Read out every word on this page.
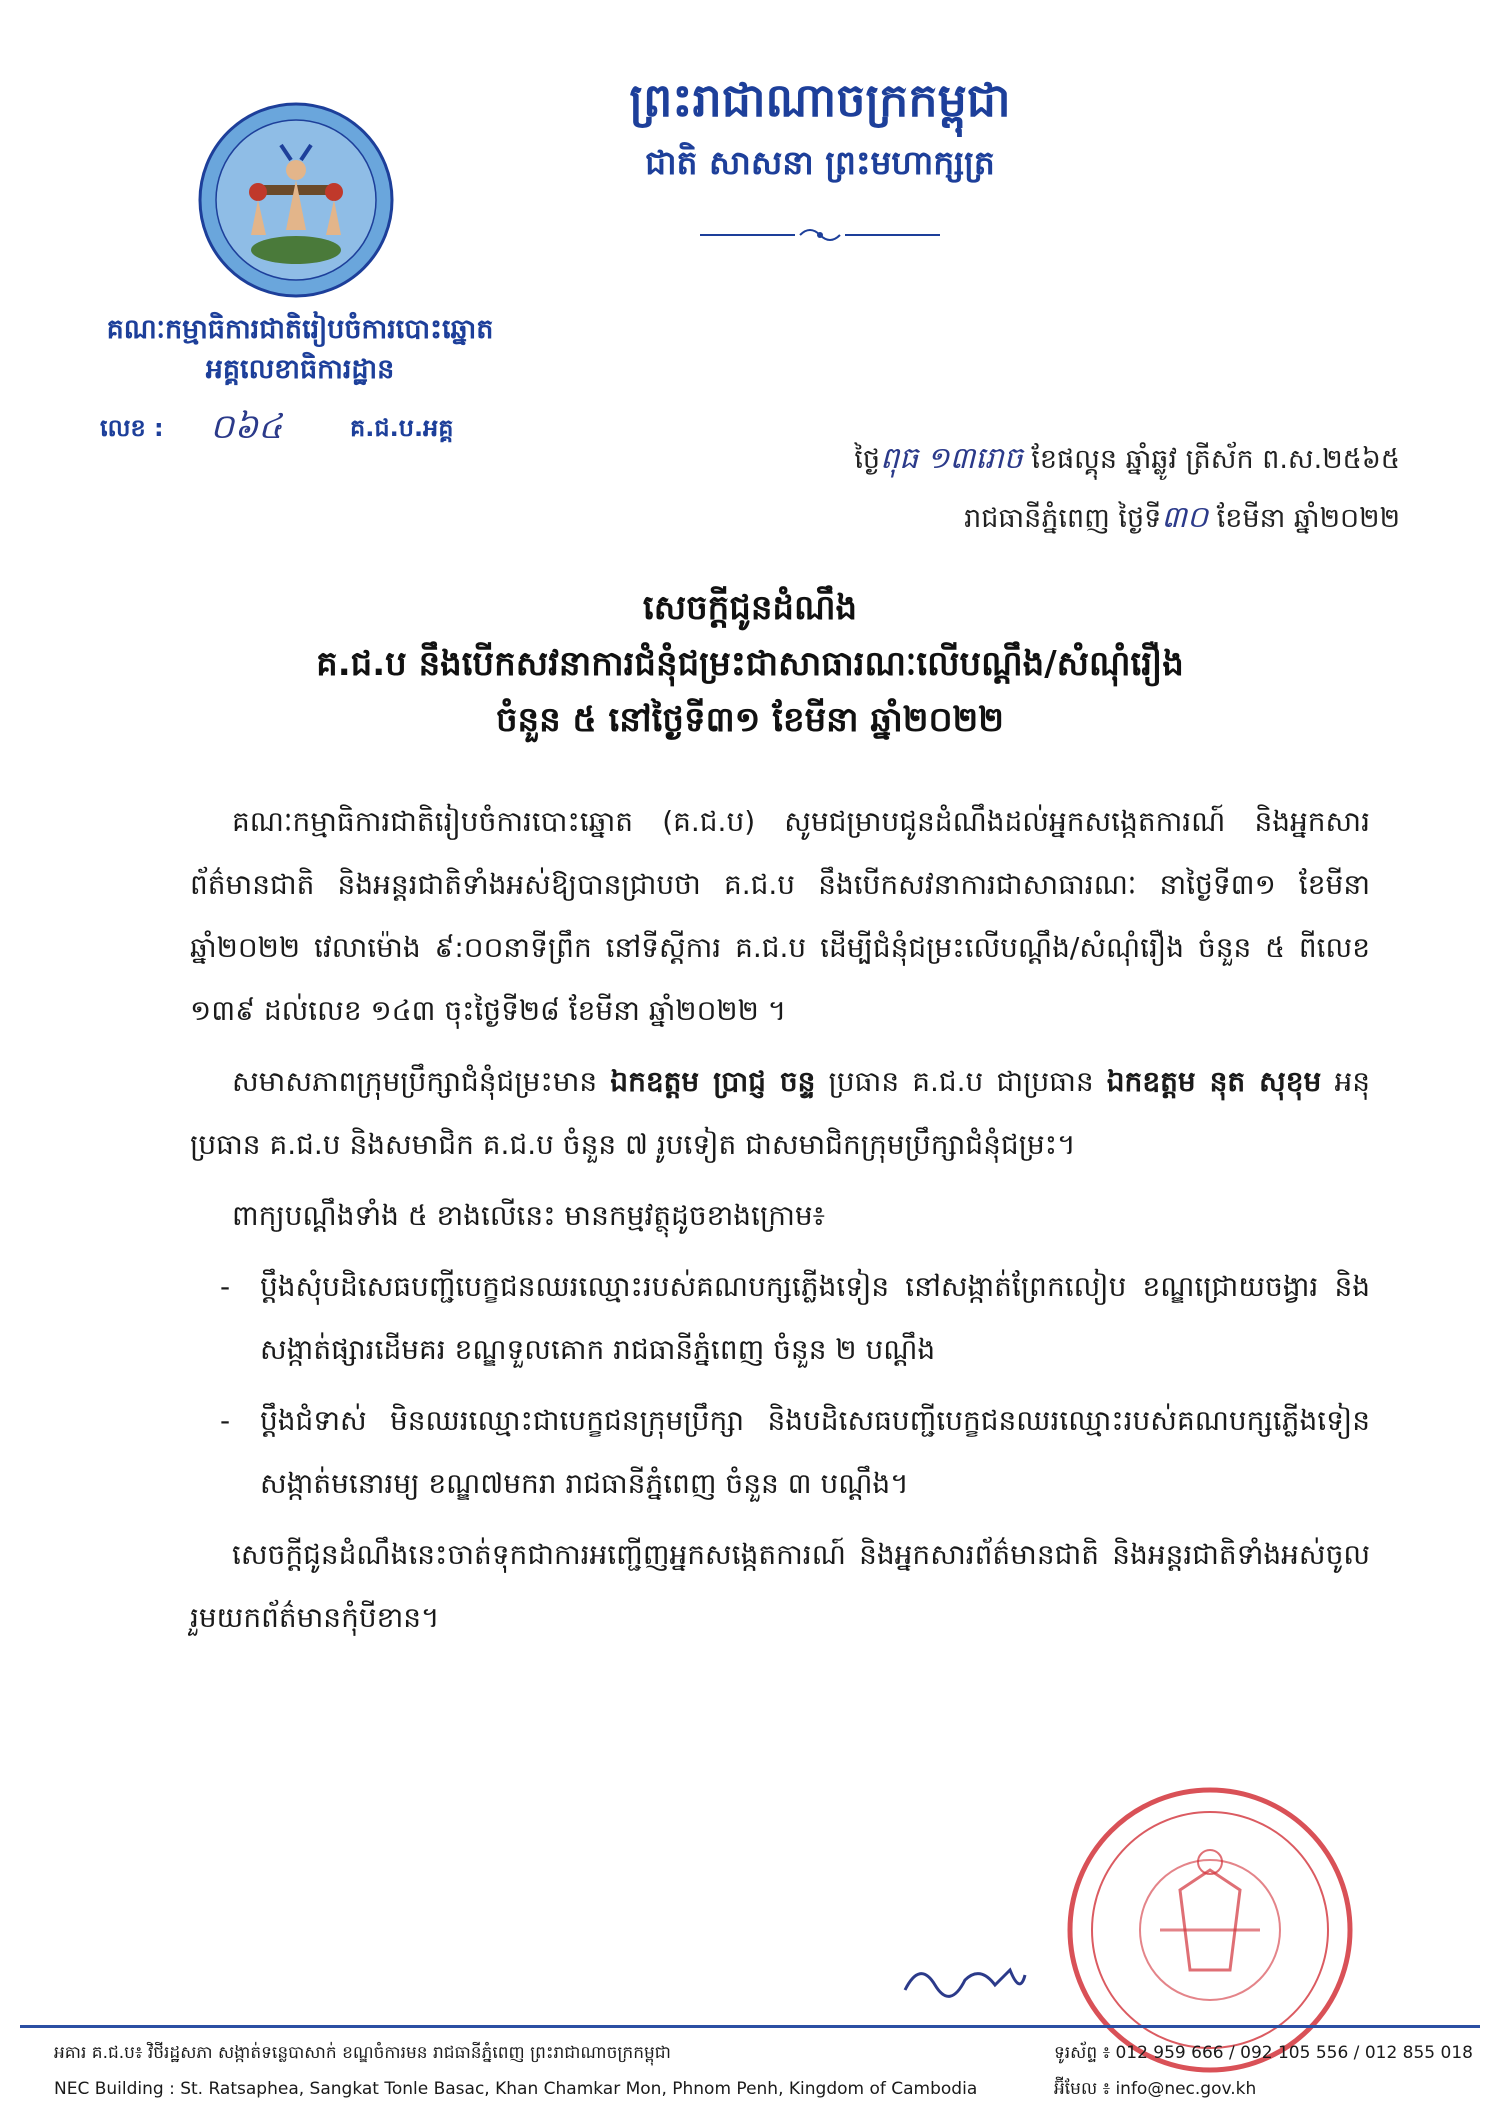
គណៈកម្មាធិការជាតិរៀបចំការបោះឆ្នោត
អគ្គលេខាធិការដ្ឋាន
លេខ : ០៦៤	គ.ជ.ប.អគ្គ
ព្រះរាជាណាចក្រកម្ពុជា
ជាតិ សាសនា ព្រះមហាក្សត្រ
ថ្ងៃពុធ ១៣រោច ខែផល្គុន ឆ្នាំឆ្លូវ ត្រីស័ក ព.ស.២៥៦៥
រាជធានីភ្នំពេញ ថ្ងៃទី៣០ ខែមីនា ឆ្នាំ២០២២
សេចក្តីជូនដំណឹង
គ.ជ.ប នឹងបើកសវនាការជំនុំជម្រះជាសាធារណៈលើបណ្តឹង/សំណុំរឿង
ចំនួន ៥ នៅថ្ងៃទី៣១ ខែមីនា ឆ្នាំ២០២២

គណៈកម្មាធិការជាតិរៀបចំការបោះឆ្នោត (គ.ជ.ប) សូមជម្រាបជូនដំណឹងដល់អ្នកសង្កេតការណ៍ និងអ្នកសារព័ត៌មានជាតិ និងអន្តរជាតិទាំងអស់ឱ្យបានជ្រាបថា គ.ជ.ប នឹងបើកសវនាការជាសាធារណៈ នាថ្ងៃទី៣១ ខែមីនា ឆ្នាំ២០២២ វេលាម៉ោង ៩:០០នាទីព្រឹក នៅទីស្តីការ គ.ជ.ប ដើម្បីជំនុំជម្រះលើបណ្តឹង/សំណុំរឿង ចំនួន ៥ ពីលេខ ១៣៩ ដល់លេខ ១៤៣ ចុះថ្ងៃទី២៨ ខែមីនា ឆ្នាំ២០២២ ។

សមាសភាពក្រុមប្រឹក្សាជំនុំជម្រះមាន ឯកឧត្តម ប្រាជ្ញ ចន្ទ ប្រធាន គ.ជ.ប ជាប្រធាន ឯកឧត្តម នុត សុខុម អនុប្រធាន គ.ជ.ប និងសមាជិក គ.ជ.ប ចំនួន ៧ រូបទៀត ជាសមាជិកក្រុមប្រឹក្សាជំនុំជម្រះ។

ពាក្យបណ្តឹងទាំង ៥ ខាងលើនេះ មានកម្មវត្ថុដូចខាងក្រោម៖

- ប្តឹងសុំបដិសេធបញ្ជីបេក្ខជនឈរឈ្មោះរបស់គណបក្សភ្លើងទៀន នៅសង្កាត់ព្រែកលៀប ខណ្ឌជ្រោយចង្វារ និងសង្កាត់ផ្សារដើមគរ ខណ្ឌទួលគោក រាជធានីភ្នំពេញ ចំនួន ២ បណ្តឹង
- ប្តឹងជំទាស់ មិនឈរឈ្មោះជាបេក្ខជនក្រុមប្រឹក្សា និងបដិសេធបញ្ជីបេក្ខជនឈរឈ្មោះរបស់គណបក្សភ្លើងទៀន សង្កាត់មនោរម្យ ខណ្ឌ៧មករា រាជធានីភ្នំពេញ ចំនួន ៣ បណ្តឹង។

សេចក្តីជូនដំណឹងនេះចាត់ទុកជាការអញ្ជើញអ្នកសង្កេតការណ៍ និងអ្នកសារព័ត៌មានជាតិ និងអន្តរជាតិទាំងអស់ចូលរួមយកព័ត៌មានកុំបីខាន។

អគារ គ.ជ.ប៖ វិថីរដ្ឋសភា សង្កាត់ទន្លេបាសាក់ ខណ្ឌចំការមន រាជធានីភ្នំពេញ ព្រះរាជាណាចក្រកម្ពុជា	ទូរស័ព្ទ ៖ 012 959 666 / 092 105 556 / 012 855 018
NEC Building : St. Ratsaphea, Sangkat Tonle Basac, Khan Chamkar Mon, Phnom Penh, Kingdom of Cambodia	អ៊ីមែល ៖ info@nec.gov.kh
